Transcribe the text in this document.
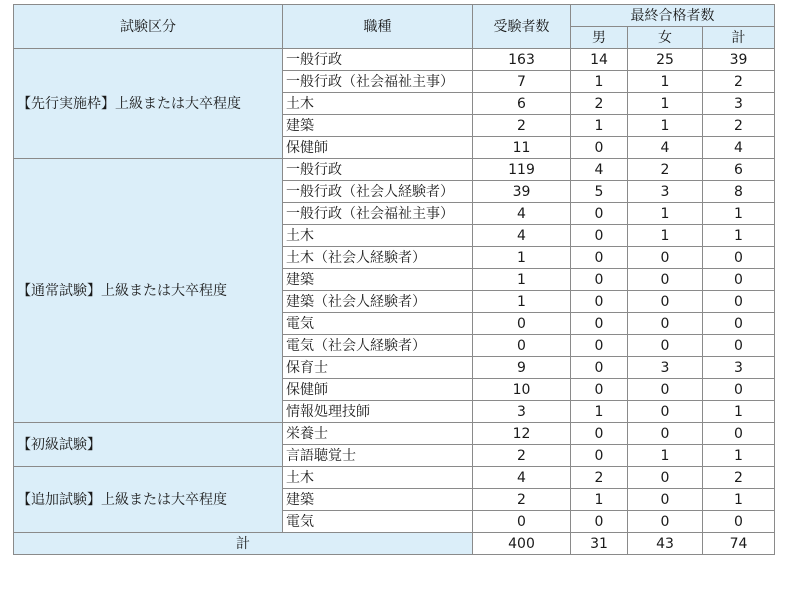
試験区分	職種	受験者数	最終合格者数		
			男	女	計
【先行実施枠】上級または大卒程度	一般行政	163	14	25	39
	一般行政（社会福祉主事）	7	1	1	2
	土木	6	2	1	3
	建築	2	1	1	2
	保健師	11	0	4	4
【通常試験】上級または大卒程度	一般行政	119	4	2	6
	一般行政（社会人経験者）	39	5	3	8
	一般行政（社会福祉主事）	4	0	1	1
	土木	4	0	1	1
	土木（社会人経験者）	1	0	0	0
	建築	1	0	0	0
	建築（社会人経験者）	1	0	0	0
	電気	0	0	0	0
	電気（社会人経験者）	0	0	0	0
	保育士	9	0	3	3
	保健師	10	0	0	0
	情報処理技師	3	1	0	1
【初級試験】	栄養士	12	0	0	0
	言語聴覚士	2	0	1	1
【追加試験】上級または大卒程度	土木	4	2	0	2
	建築	2	1	0	1
	電気	0	0	0	0
計		400	31	43	74
